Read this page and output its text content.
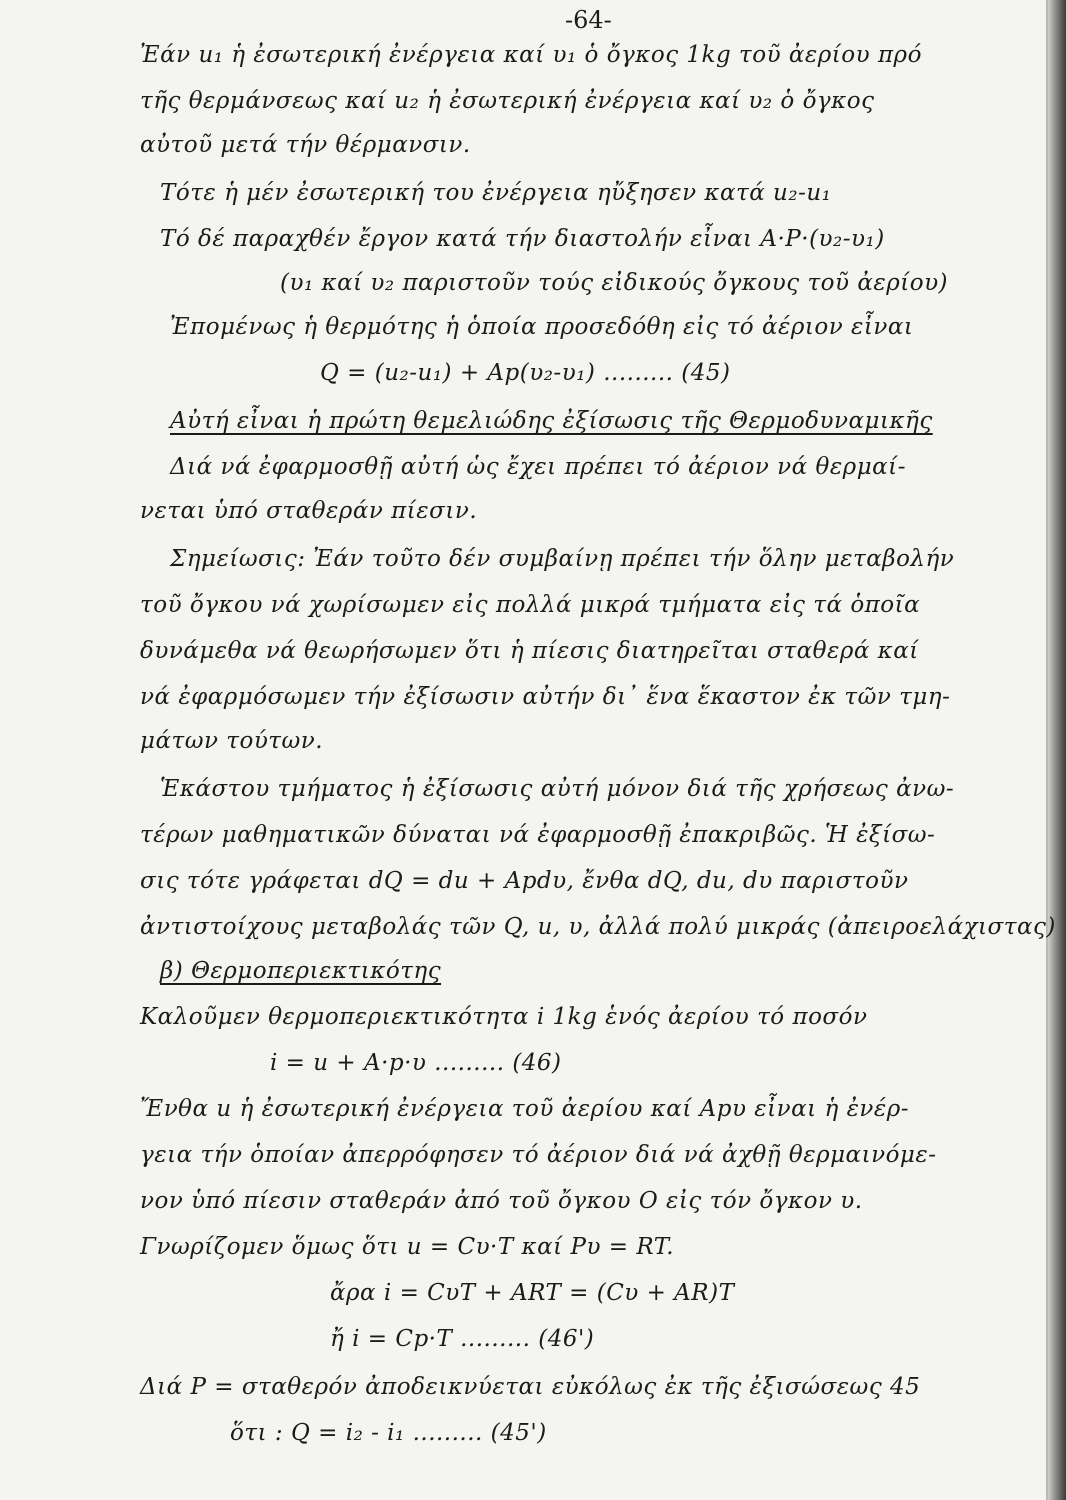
-64-
Ἐάν u₁ ἡ ἐσωτερική ἐνέργεια καί υ₁ ὁ ὄγκος 1kg τοῦ ἀερίου πρό
τῆς θερμάνσεως καί u₂ ἡ ἐσωτερική ἐνέργεια καί υ₂ ὁ ὄγκος
αὐτοῦ μετά τήν θέρμανσιν.
Τότε ἡ μέν ἐσωτερική του ἐνέργεια ηὔξησεν κατά u₂-u₁
Τό δέ παραχθέν ἔργον κατά τήν διαστολήν εἶναι A·P·(υ₂-υ₁)
(υ₁ καί υ₂ παριστοῦν τούς εἰδικούς ὄγκους τοῦ ἀερίου)
Ἐπομένως ἡ θερμότης ἡ ὁποία προσεδόθη εἰς τό ἀέριον εἶναι
Q = (u₂-u₁) + Ap(υ₂-υ₁) ......... (45)
Αὐτή εἶναι ἡ πρώτη θεμελιώδης ἐξίσωσις τῆς Θερμοδυναμικῆς
Διά νά ἐφαρμοσθῇ αὐτή ὡς ἔχει πρέπει τό ἀέριον νά θερμαί-
νεται ὑπό σταθεράν πίεσιν.
Σημείωσις: Ἐάν τοῦτο δέν συμβαίνῃ πρέπει τήν ὅλην μεταβολήν
τοῦ ὄγκου νά χωρίσωμεν εἰς πολλά μικρά τμήματα εἰς τά ὁποῖα
δυνάμεθα νά θεωρήσωμεν ὅτι ἡ πίεσις διατηρεῖται σταθερά καί
νά ἐφαρμόσωμεν τήν ἐξίσωσιν αὐτήν δι᾽ ἕνα ἕκαστον ἐκ τῶν τμη-
μάτων τούτων.
Ἑκάστου τμήματος ἡ ἐξίσωσις αὐτή μόνον διά τῆς χρήσεως ἀνω-
τέρων μαθηματικῶν δύναται νά ἐφαρμοσθῇ ἐπακριβῶς. Ἡ ἐξίσω-
σις τότε γράφεται dQ = du + Apdυ, ἔνθα dQ, du, dυ παριστοῦν
ἀντιστοίχους μεταβολάς τῶν Q, u, υ, ἀλλά πολύ μικράς (ἀπειροελάχιστας)
β) Θερμοπεριεκτικότης
Καλοῦμεν θερμοπεριεκτικότητα i 1kg ἑνός ἀερίου τό ποσόν
i = u + A·p·υ ......... (46)
Ἔνθα u ἡ ἐσωτερική ἐνέργεια τοῦ ἀερίου καί Apυ εἶναι ἡ ἐνέρ-
γεια τήν ὁποίαν ἀπερρόφησεν τό ἀέριον διά νά ἀχθῇ θερμαινόμε-
νον ὑπό πίεσιν σταθεράν ἀπό τοῦ ὄγκου Ο εἰς τόν ὄγκον υ.
Γνωρίζομεν ὅμως ὅτι u = Cυ·T καί Pυ = RT.
ἄρα i = CυT + ART = (Cυ + AR)T
ἤ i = Cp·T ......... (46')
Διά P = σταθερόν ἀποδεικνύεται εὐκόλως ἐκ τῆς ἐξισώσεως 45
ὅτι : Q = i₂ - i₁ ......... (45')
